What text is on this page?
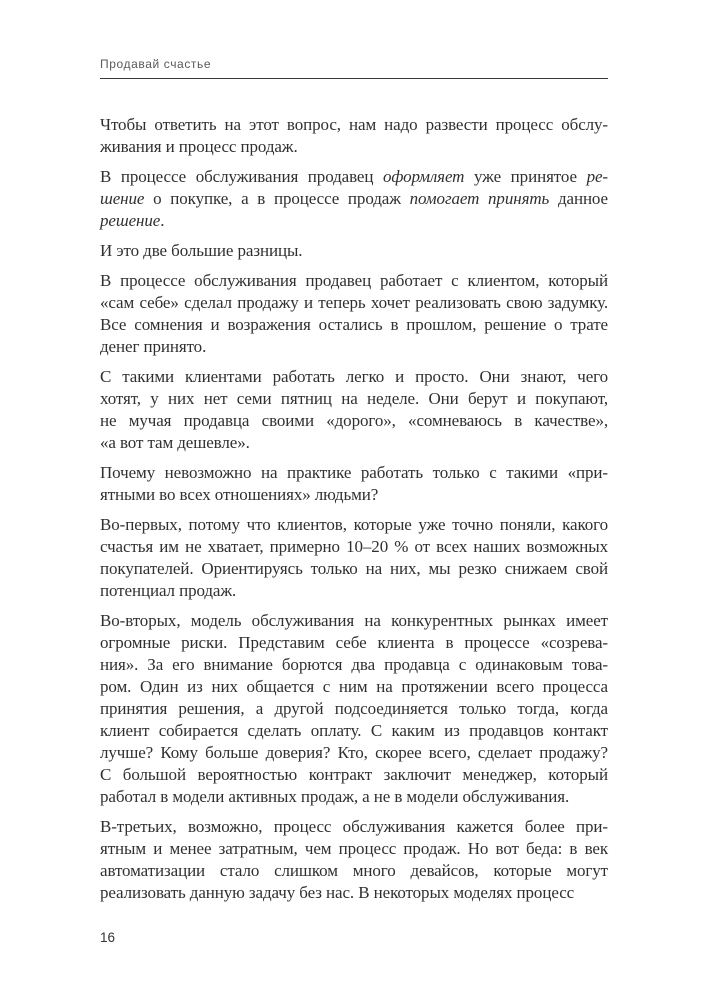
Продавай счастье
Чтобы ответить на этот вопрос, нам надо развести процесс обслу-
живания и процесс продаж.
В процессе обслуживания продавец оформляет уже принятое ре-
шение о покупке, а в процессе продаж помогает принять данное
решение.
И это две большие разницы.
В процессе обслуживания продавец работает с клиентом, который
«сам себе» сделал продажу и теперь хочет реализовать свою задумку.
Все сомнения и возражения остались в прошлом, решение о трате
денег принято.
С такими клиентами работать легко и просто. Они знают, чего
хотят, у них нет семи пятниц на неделе. Они берут и покупают,
не мучая продавца своими «дорого», «сомневаюсь в качестве»,
«а вот там дешевле».
Почему невозможно на практике работать только с такими «при-
ятными во всех отношениях» людьми?
Во-первых, потому что клиентов, которые уже точно поняли, какого
счастья им не хватает, примерно 10–20 % от всех наших возможных
покупателей. Ориентируясь только на них, мы резко снижаем свой
потенциал продаж.
Во-вторых, модель обслуживания на конкурентных рынках имеет
огромные риски. Представим себе клиента в процессе «созрева-
ния». За его внимание борются два продавца с одинаковым това-
ром. Один из них общается с ним на протяжении всего процесса
принятия решения, а другой подсоединяется только тогда, когда
клиент собирается сделать оплату. С каким из продавцов контакт
лучше? Кому больше доверия? Кто, скорее всего, сделает продажу?
С большой вероятностью контракт заключит менеджер, который
работал в модели активных продаж, а не в модели обслуживания.
В-третьих, возможно, процесс обслуживания кажется более при-
ятным и менее затратным, чем процесс продаж. Но вот беда: в век
автоматизации стало слишком много девайсов, которые могут
реализовать данную задачу без нас. В некоторых моделях процесс
16
